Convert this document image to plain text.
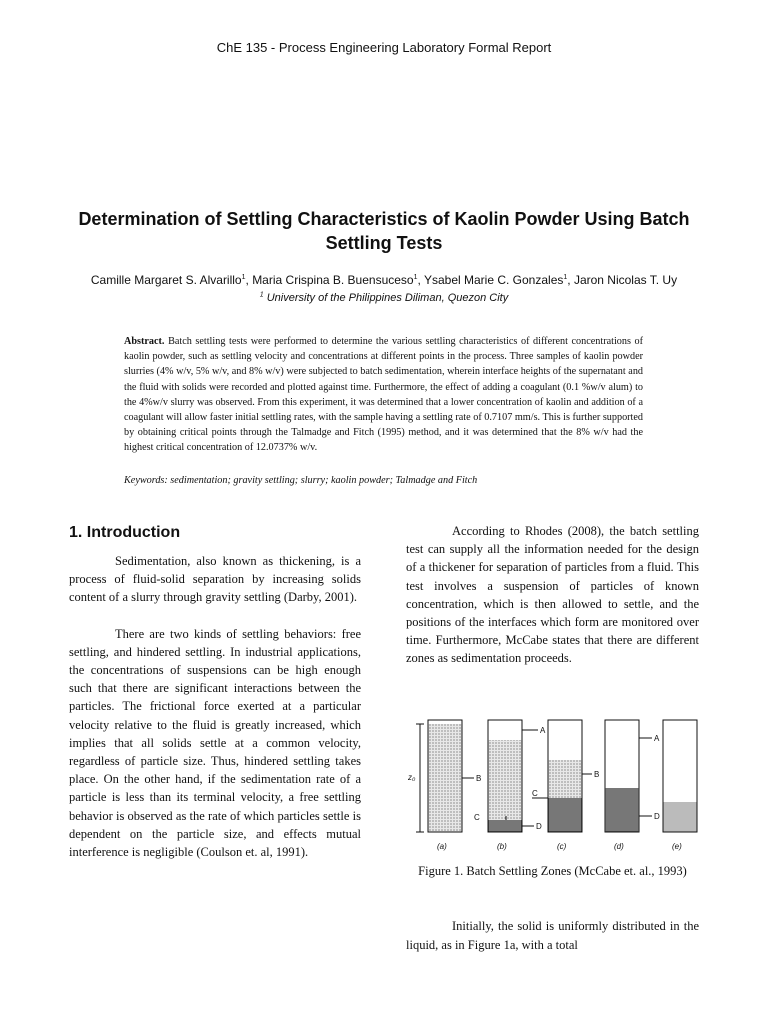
ChE 135 - Process Engineering Laboratory Formal Report
Determination of Settling Characteristics of Kaolin Powder Using Batch Settling Tests
Camille Margaret S. Alvarillo$^1$, Maria Crispina B. Buensuceso$^1$, Ysabel Marie C. Gonzales$^1$, Jaron Nicolas T. Uy
$^1$ University of the Philippines Diliman, Quezon City
Abstract. Batch settling tests were performed to determine the various settling characteristics of different concentrations of kaolin powder, such as settling velocity and concentrations at different points in the process. Three samples of kaolin powder slurries (4% w/v, 5% w/v, and 8% w/v) were subjected to batch sedimentation, wherein interface heights of the supernatant and the fluid with solids were recorded and plotted against time. Furthermore, the effect of adding a coagulant (0.1 %w/v alum) to the 4%w/v slurry was observed. From this experiment, it was determined that a lower concentration of kaolin and addition of a coagulant will allow faster initial settling rates, with the sample having a settling rate of 0.7107 mm/s. This is further supported by obtaining critical points through the Talmadge and Fitch (1995) method, and it was determined that the 8% w/v had the highest critical concentration of 12.0737% w/v.
Keywords: sedimentation; gravity settling; slurry; kaolin powder; Talmadge and Fitch
1. Introduction

Sedimentation, also known as thickening, is a process of fluid-solid separation by increasing solids content of a slurry through gravity settling (Darby, 2001).

There are two kinds of settling behaviors: free settling, and hindered settling. In industrial applications, the concentrations of suspensions can be high enough such that there are significant interactions between the particles. The frictional force exerted at a particular velocity relative to the fluid is greatly increased, which implies that all solids settle at a common velocity, regardless of particle size. Thus, hindered settling takes place. On the other hand, if the sedimentation rate of a particle is less than its terminal velocity, a free settling behavior is observed as the rate of which particles settle is dependent on the particle size, and effects mutual interference is negligible (Coulson et. al, 1991).

According to Rhodes (2008), the batch settling test can supply all the information needed for the design of a thickener for separation of particles from a fluid. This test involves a suspension of particles of known concentration, which is then allowed to settle, and the positions of the interfaces which form are monitored over time. Furthermore, McCabe states that there are different zones as sedimentation proceeds.

z₀
A
B	B
C
C
D
A
D
(a)	(b)	(c)	(d)	(e)
Figure 1. Batch Settling Zones (McCabe et. al., 1993)

Initially, the solid is uniformly distributed in the liquid, as in Figure 1a, with a total
